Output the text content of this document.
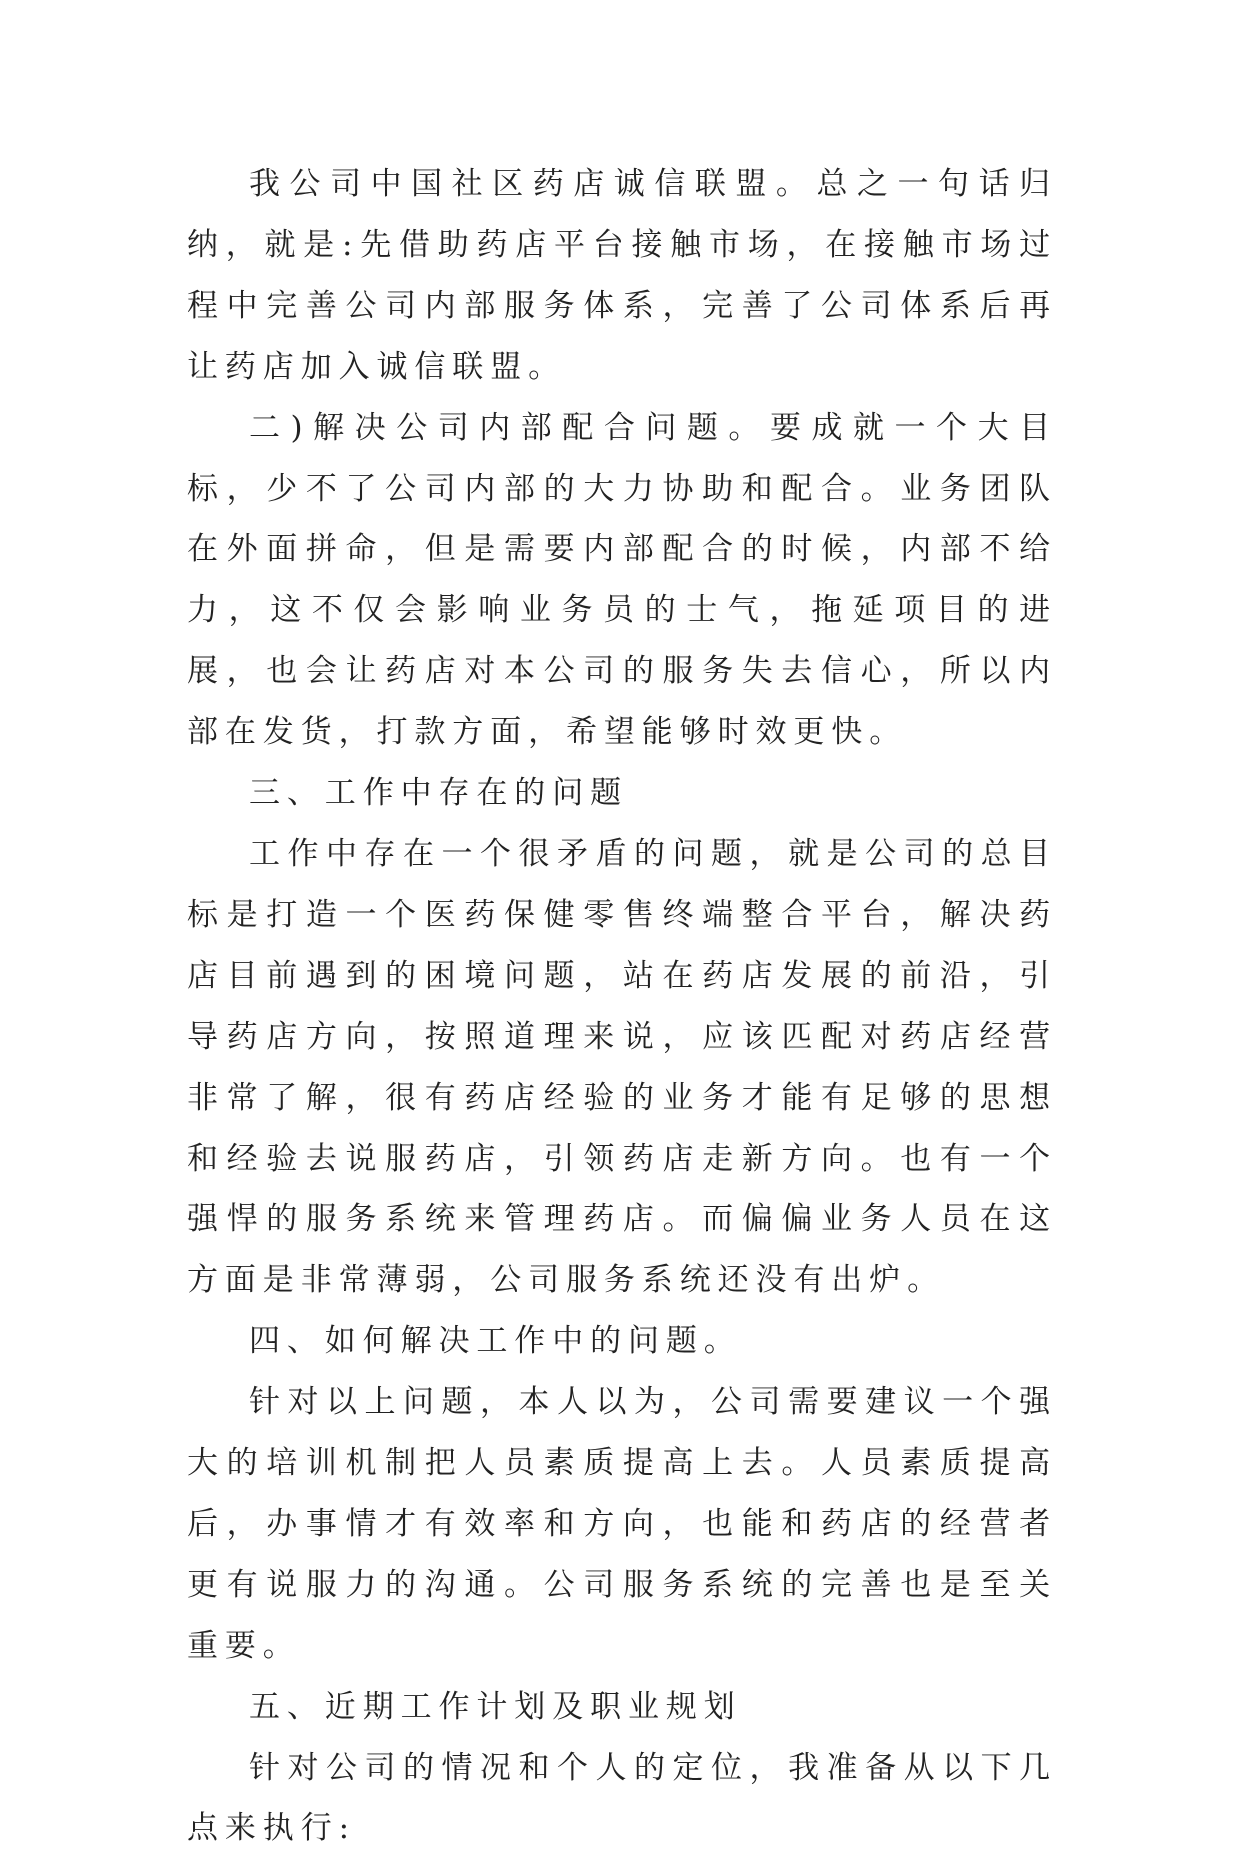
我公司中国社区药店诚信联盟。总之一句话归纳，就是:先借助药店平台接触市场，在接触市场过程中完善公司内部服务体系，完善了公司体系后再让药店加入诚信联盟。

二)解决公司内部配合问题。要成就一个大目标，少不了公司内部的大力协助和配合。业务团队在外面拼命，但是需要内部配合的时候，内部不给力，这不仅会影响业务员的士气，拖延项目的进展，也会让药店对本公司的服务失去信心，所以内部在发货，打款方面，希望能够时效更快。

三、工作中存在的问题

工作中存在一个很矛盾的问题，就是公司的总目标是打造一个医药保健零售终端整合平台，解决药店目前遇到的困境问题，站在药店发展的前沿，引导药店方向，按照道理来说，应该匹配对药店经营非常了解，很有药店经验的业务才能有足够的思想和经验去说服药店，引领药店走新方向。也有一个强悍的服务系统来管理药店。而偏偏业务人员在这方面是非常薄弱，公司服务系统还没有出炉。

四、如何解决工作中的问题。

针对以上问题，本人以为，公司需要建议一个强大的培训机制把人员素质提高上去。人员素质提高后，办事情才有效率和方向，也能和药店的经营者更有说服力的沟通。公司服务系统的完善也是至关重要。

五、近期工作计划及职业规划

针对公司的情况和个人的定位，我准备从以下几点来执行:
